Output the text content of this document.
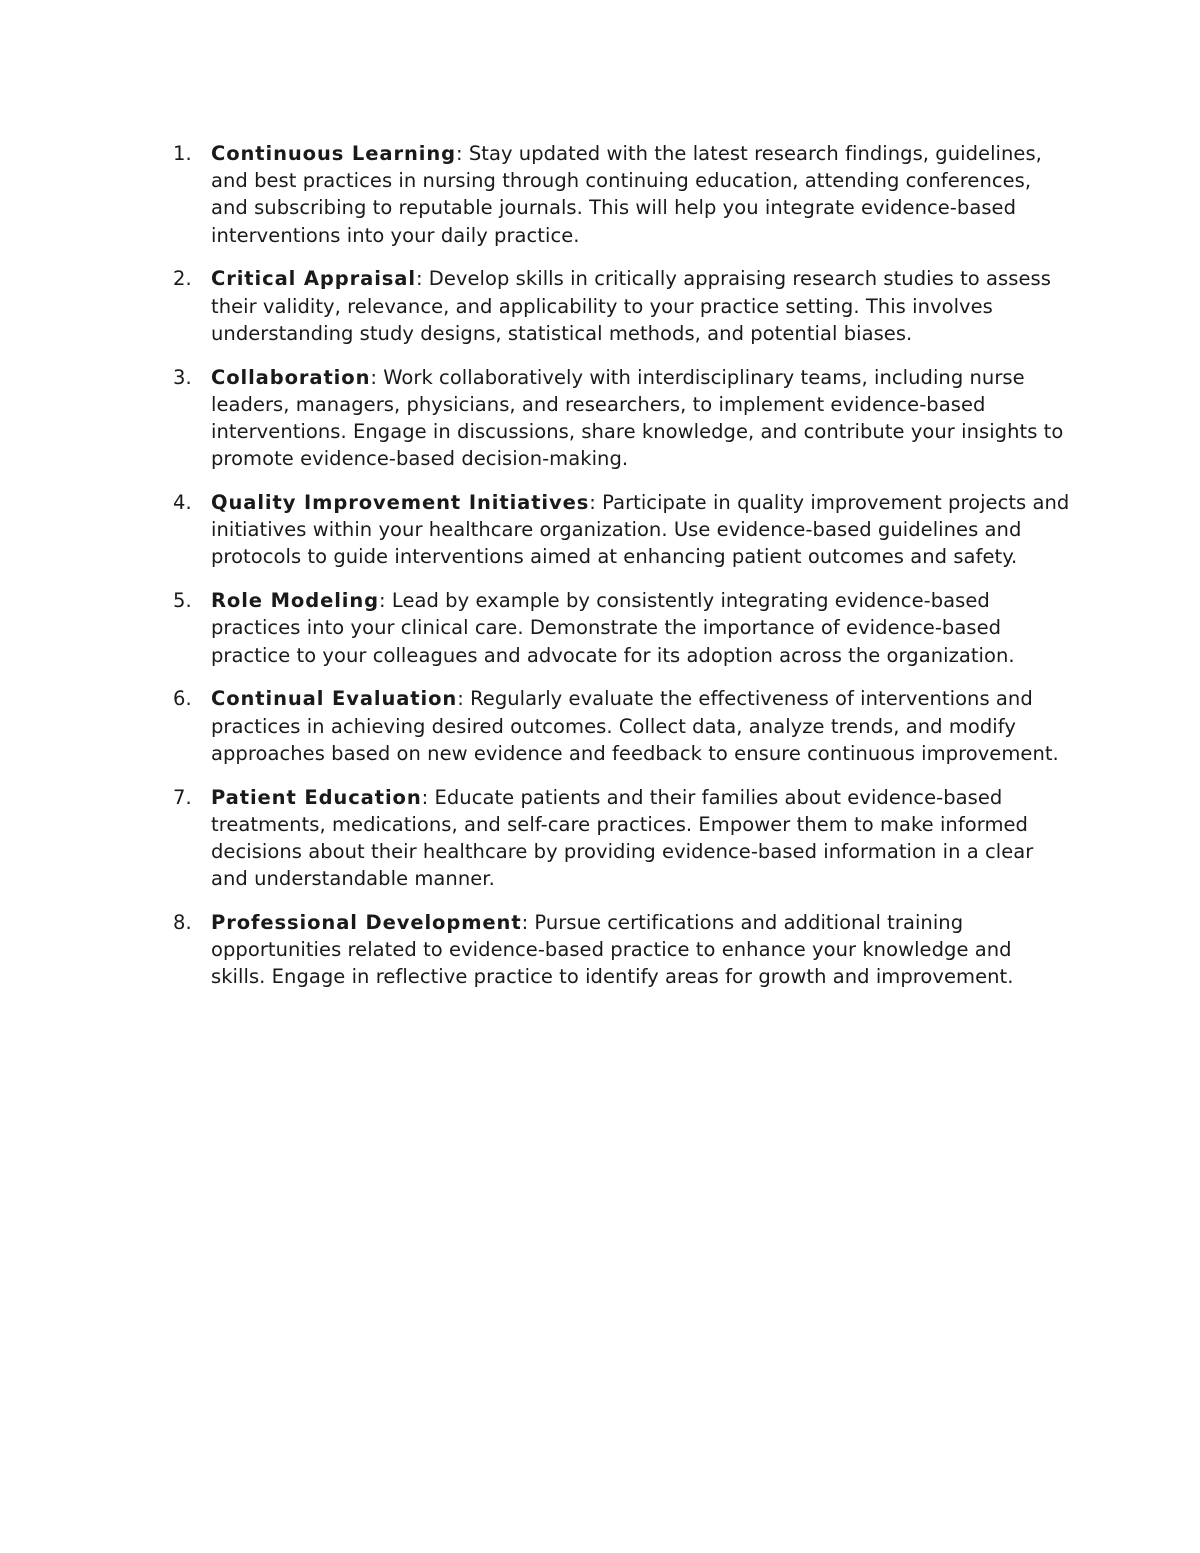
1. Continuous Learning: Stay updated with the latest research findings, guidelines, and best practices in nursing through continuing education, attending conferences, and subscribing to reputable journals. This will help you integrate evidence-based interventions into your daily practice.
2. Critical Appraisal: Develop skills in critically appraising research studies to assess their validity, relevance, and applicability to your practice setting. This involves understanding study designs, statistical methods, and potential biases.
3. Collaboration: Work collaboratively with interdisciplinary teams, including nurse leaders, managers, physicians, and researchers, to implement evidence-based interventions. Engage in discussions, share knowledge, and contribute your insights to promote evidence-based decision-making.
4. Quality Improvement Initiatives: Participate in quality improvement projects and initiatives within your healthcare organization. Use evidence-based guidelines and protocols to guide interventions aimed at enhancing patient outcomes and safety.
5. Role Modeling: Lead by example by consistently integrating evidence-based practices into your clinical care. Demonstrate the importance of evidence-based practice to your colleagues and advocate for its adoption across the organization.
6. Continual Evaluation: Regularly evaluate the effectiveness of interventions and practices in achieving desired outcomes. Collect data, analyze trends, and modify approaches based on new evidence and feedback to ensure continuous improvement.
7. Patient Education: Educate patients and their families about evidence-based treatments, medications, and self-care practices. Empower them to make informed decisions about their healthcare by providing evidence-based information in a clear and understandable manner.
8. Professional Development: Pursue certifications and additional training opportunities related to evidence-based practice to enhance your knowledge and skills. Engage in reflective practice to identify areas for growth and improvement.
